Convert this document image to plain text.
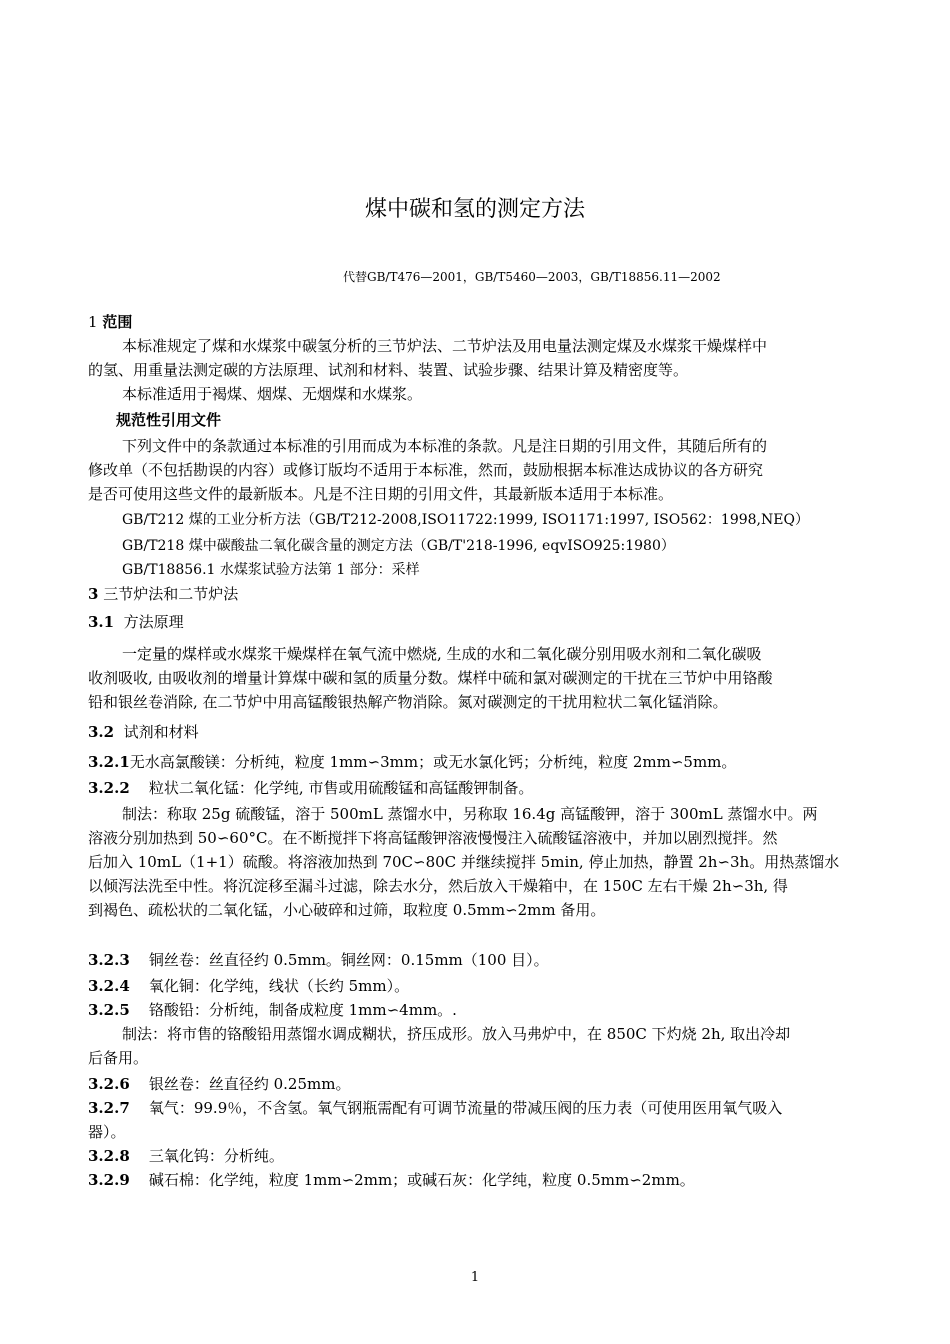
煤中碳和氢的测定方法
代替GB/T476—2001，GB/T5460—2003，GB/T18856.11—2002
1 范围
本标准规定了煤和水煤浆中碳氢分析的三节炉法、二节炉法及用电量法测定煤及水煤浆干燥煤样中
的氢、用重量法测定碳的方法原理、试剂和材料、装置、试验步骤、结果计算及精密度等。
本标准适用于褐煤、烟煤、无烟煤和水煤浆。
规范性引用文件
下列文件中的条款通过本标准的引用而成为本标准的条款。凡是注日期的引用文件，其随后所有的
修改单（不包括勘误的内容）或修订版均不适用于本标准，然而，鼓励根据本标准达成协议的各方研究
是否可使用这些文件的最新版本。凡是不注日期的引用文件，其最新版本适用于本标准。
GB/T212 煤的工业分析方法（GB/T212-2008,ISO11722:1999, ISO1171:1997, ISO562：1998,NEQ）
GB/T218 煤中碳酸盐二氧化碳含量的测定方法（GB/T'218-1996, eqvISO925:1980）
GB/T18856.1 水煤浆试验方法第 1 部分：采样
3 三节炉法和二节炉法
3.1 方法原理
一定量的煤样或水煤浆干燥煤样在氧气流中燃烧, 生成的水和二氧化碳分别用吸水剂和二氧化碳吸
收剂吸收, 由吸收剂的增量计算煤中碳和氢的质量分数。煤样中硫和氯对碳测定的干扰在三节炉中用铬酸
铅和银丝卷消除, 在二节炉中用高锰酸银热解产物消除。氮对碳测定的干扰用粒状二氧化锰消除。
3.2 试剂和材料
3.2.1无水高氯酸镁：分析纯，粒度 1mm∽3mm；或无水氯化钙；分析纯，粒度 2mm∽5mm。
3.2.2 粒状二氧化锰：化学纯, 市售或用硫酸锰和高锰酸钾制备。
制法：称取 25g 硫酸锰，溶于 500mL 蒸馏水中，另称取 16.4g 高锰酸钾，溶于 300mL 蒸馏水中。两
溶液分别加热到 50∽60°C。在不断搅拌下将高锰酸钾溶液慢慢注入硫酸锰溶液中，并加以剧烈搅拌。然
后加入 10mL（1+1）硫酸。将溶液加热到 70C∽80C 并继续搅拌 5min, 停止加热，静置 2h∽3h。用热蒸馏水
以倾泻法洗至中性。将沉淀移至漏斗过滤，除去水分，然后放入干燥箱中，在 150C 左右干燥 2h∽3h, 得
到褐色、疏松状的二氧化锰，小心破碎和过筛，取粒度 0.5mm∽2mm 备用。
3.2.3 铜丝卷：丝直径约 0.5mm。铜丝网：0.15mm（100 目）。
3.2.4 氧化铜：化学纯，线状（长约 5mm）。
3.2.5 铬酸铅：分析纯，制备成粒度 1mm∽4mm。.
制法：将市售的铬酸铅用蒸馏水调成糊状，挤压成形。放入马弗炉中，在 850C 下灼烧 2h, 取出冷却
后备用。
3.2.6 银丝卷：丝直径约 0.25mm。
3.2.7 氧气：99.9％，不含氢。氧气钢瓶需配有可调节流量的带减压阀的压力表（可使用医用氧气吸入
器）。
3.2.8 三氧化钨：分析纯。
3.2.9 碱石棉：化学纯，粒度 1mm∽2mm；或碱石灰：化学纯，粒度 0.5mm∽2mm。
1
